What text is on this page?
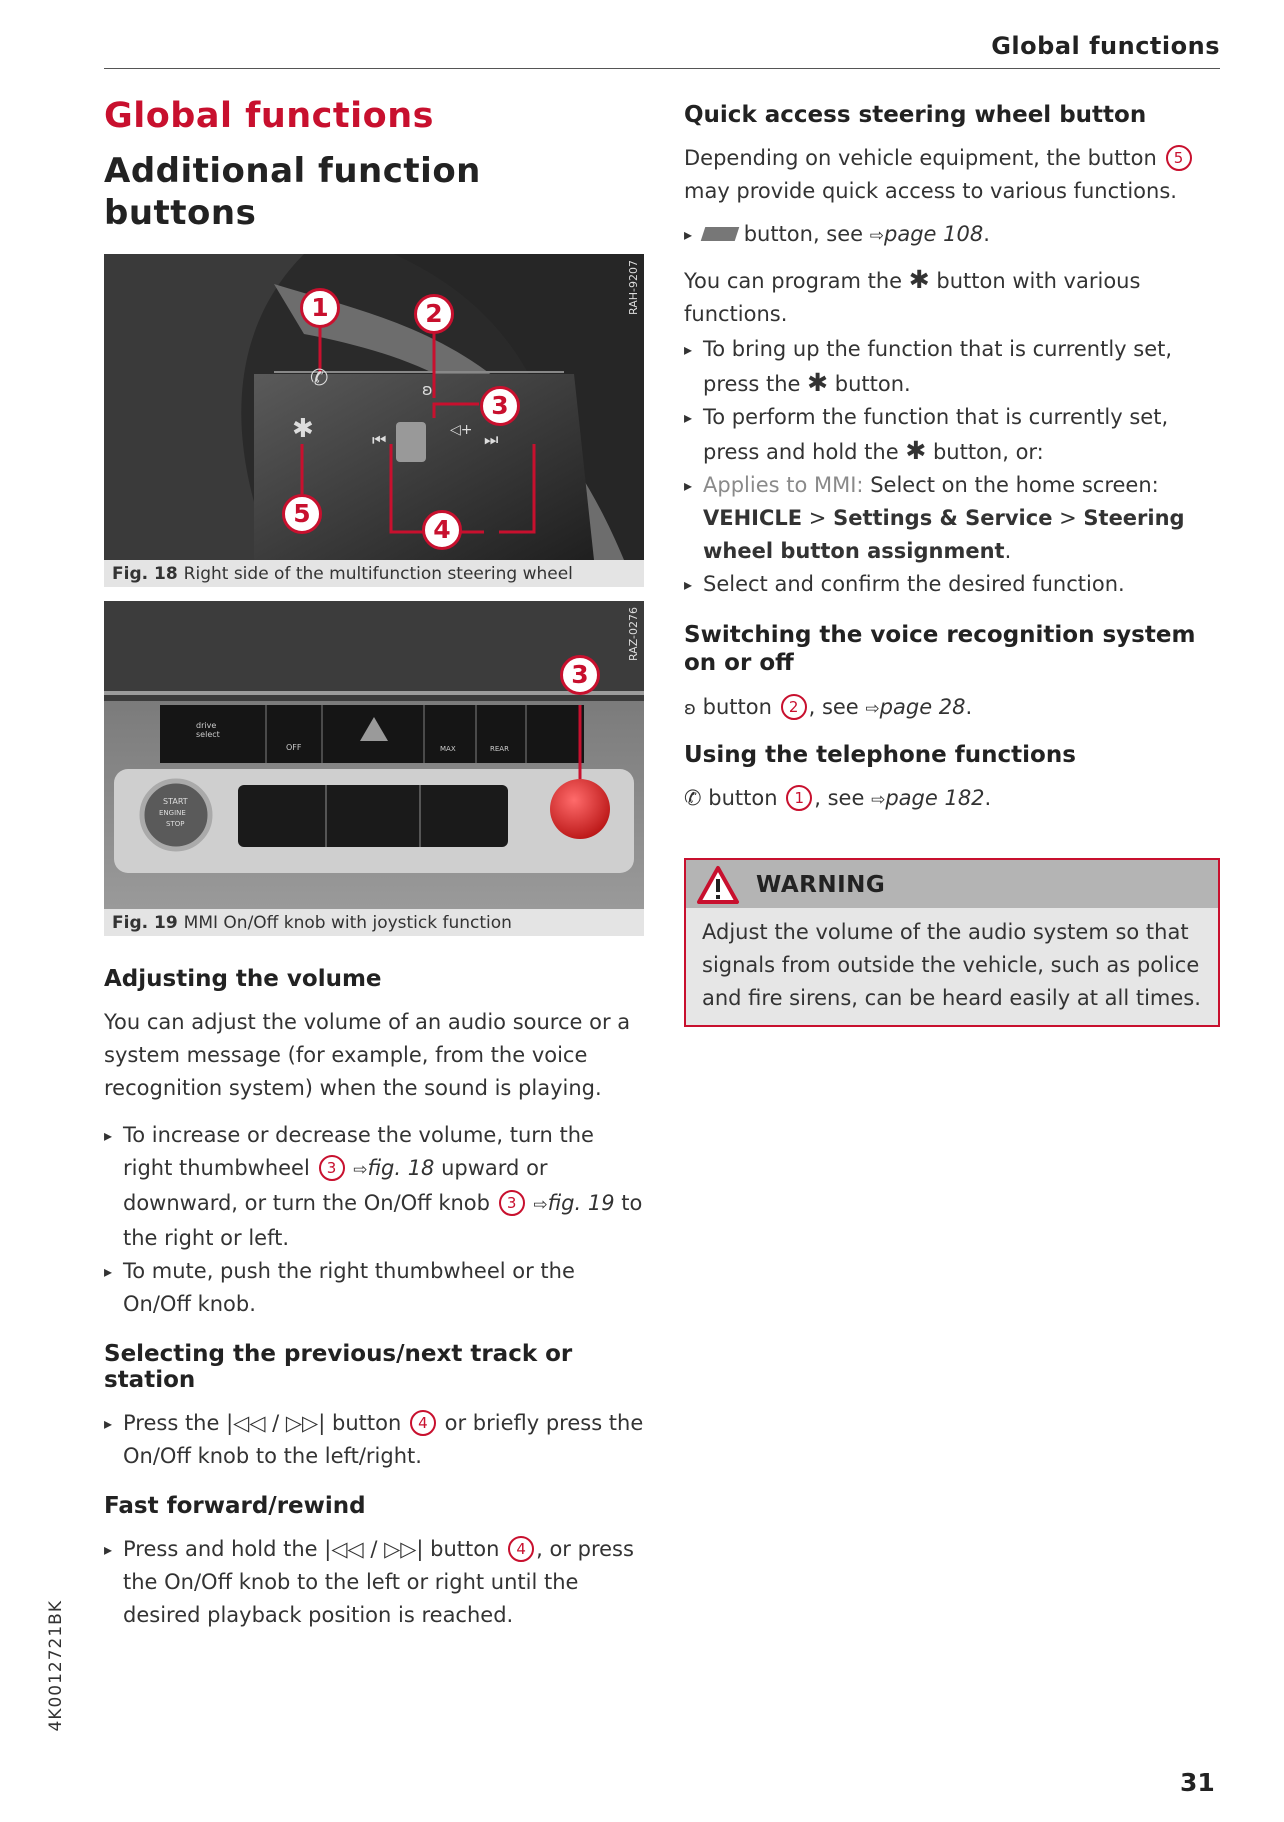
Global functions
Global functions
Additional function buttons
✆	ʚ
✱	⏮	⏭
◁+
1	2
3
4
5
RAH-9207
Fig. 18 Right side of the multifunction steering wheel
drive select
OFF	MAX	REAR
START
ENGINE
STOP
3
RAZ-0276
Fig. 19 MMI On/Off knob with joystick function
Adjusting the volume

You can adjust the volume of an audio source or a system message (for example, from the voice recognition system) when the sound is playing.

▸ To increase or decrease the volume, turn the right thumbwheel 3 ⇨fig. 18 upward or downward, or turn the On/Off knob 3 ⇨fig. 19 to the right or left.
▸ To mute, push the right thumbwheel or the On/Off knob.
Selecting the previous/next track or station
▸ Press the |◁◁ / ▷▷| button 4 or briefly press the On/Off knob to the left/right.
Fast forward/rewind
▸ Press and hold the |◁◁ / ▷▷| button 4 , or press the On/Off knob to the left or right until the desired playback position is reached.
Quick access steering wheel button

Depending on vehicle equipment, the button 5 may provide quick access to various functions.

▸ button, see ⇨page 108.

You can program the ✱ button with various functions.

▸ To bring up the function that is currently set, press the ✱ button.
▸ To perform the function that is currently set, press and hold the ✱ button, or:
▸ Applies to MMI: Select on the home screen: VEHICLE > Settings & Service > Steering wheel button assignment.
▸ Select and confirm the desired function.
Switching the voice recognition system on or off

ʚ button 2 , see ⇨page 28.

Using the telephone functions

✆ button 1 , see ⇨page 182.

WARNING

Adjust the volume of the audio system so that signals from outside the vehicle, such as police and fire sirens, can be heard easily at all times.

4K0012721BK
31
